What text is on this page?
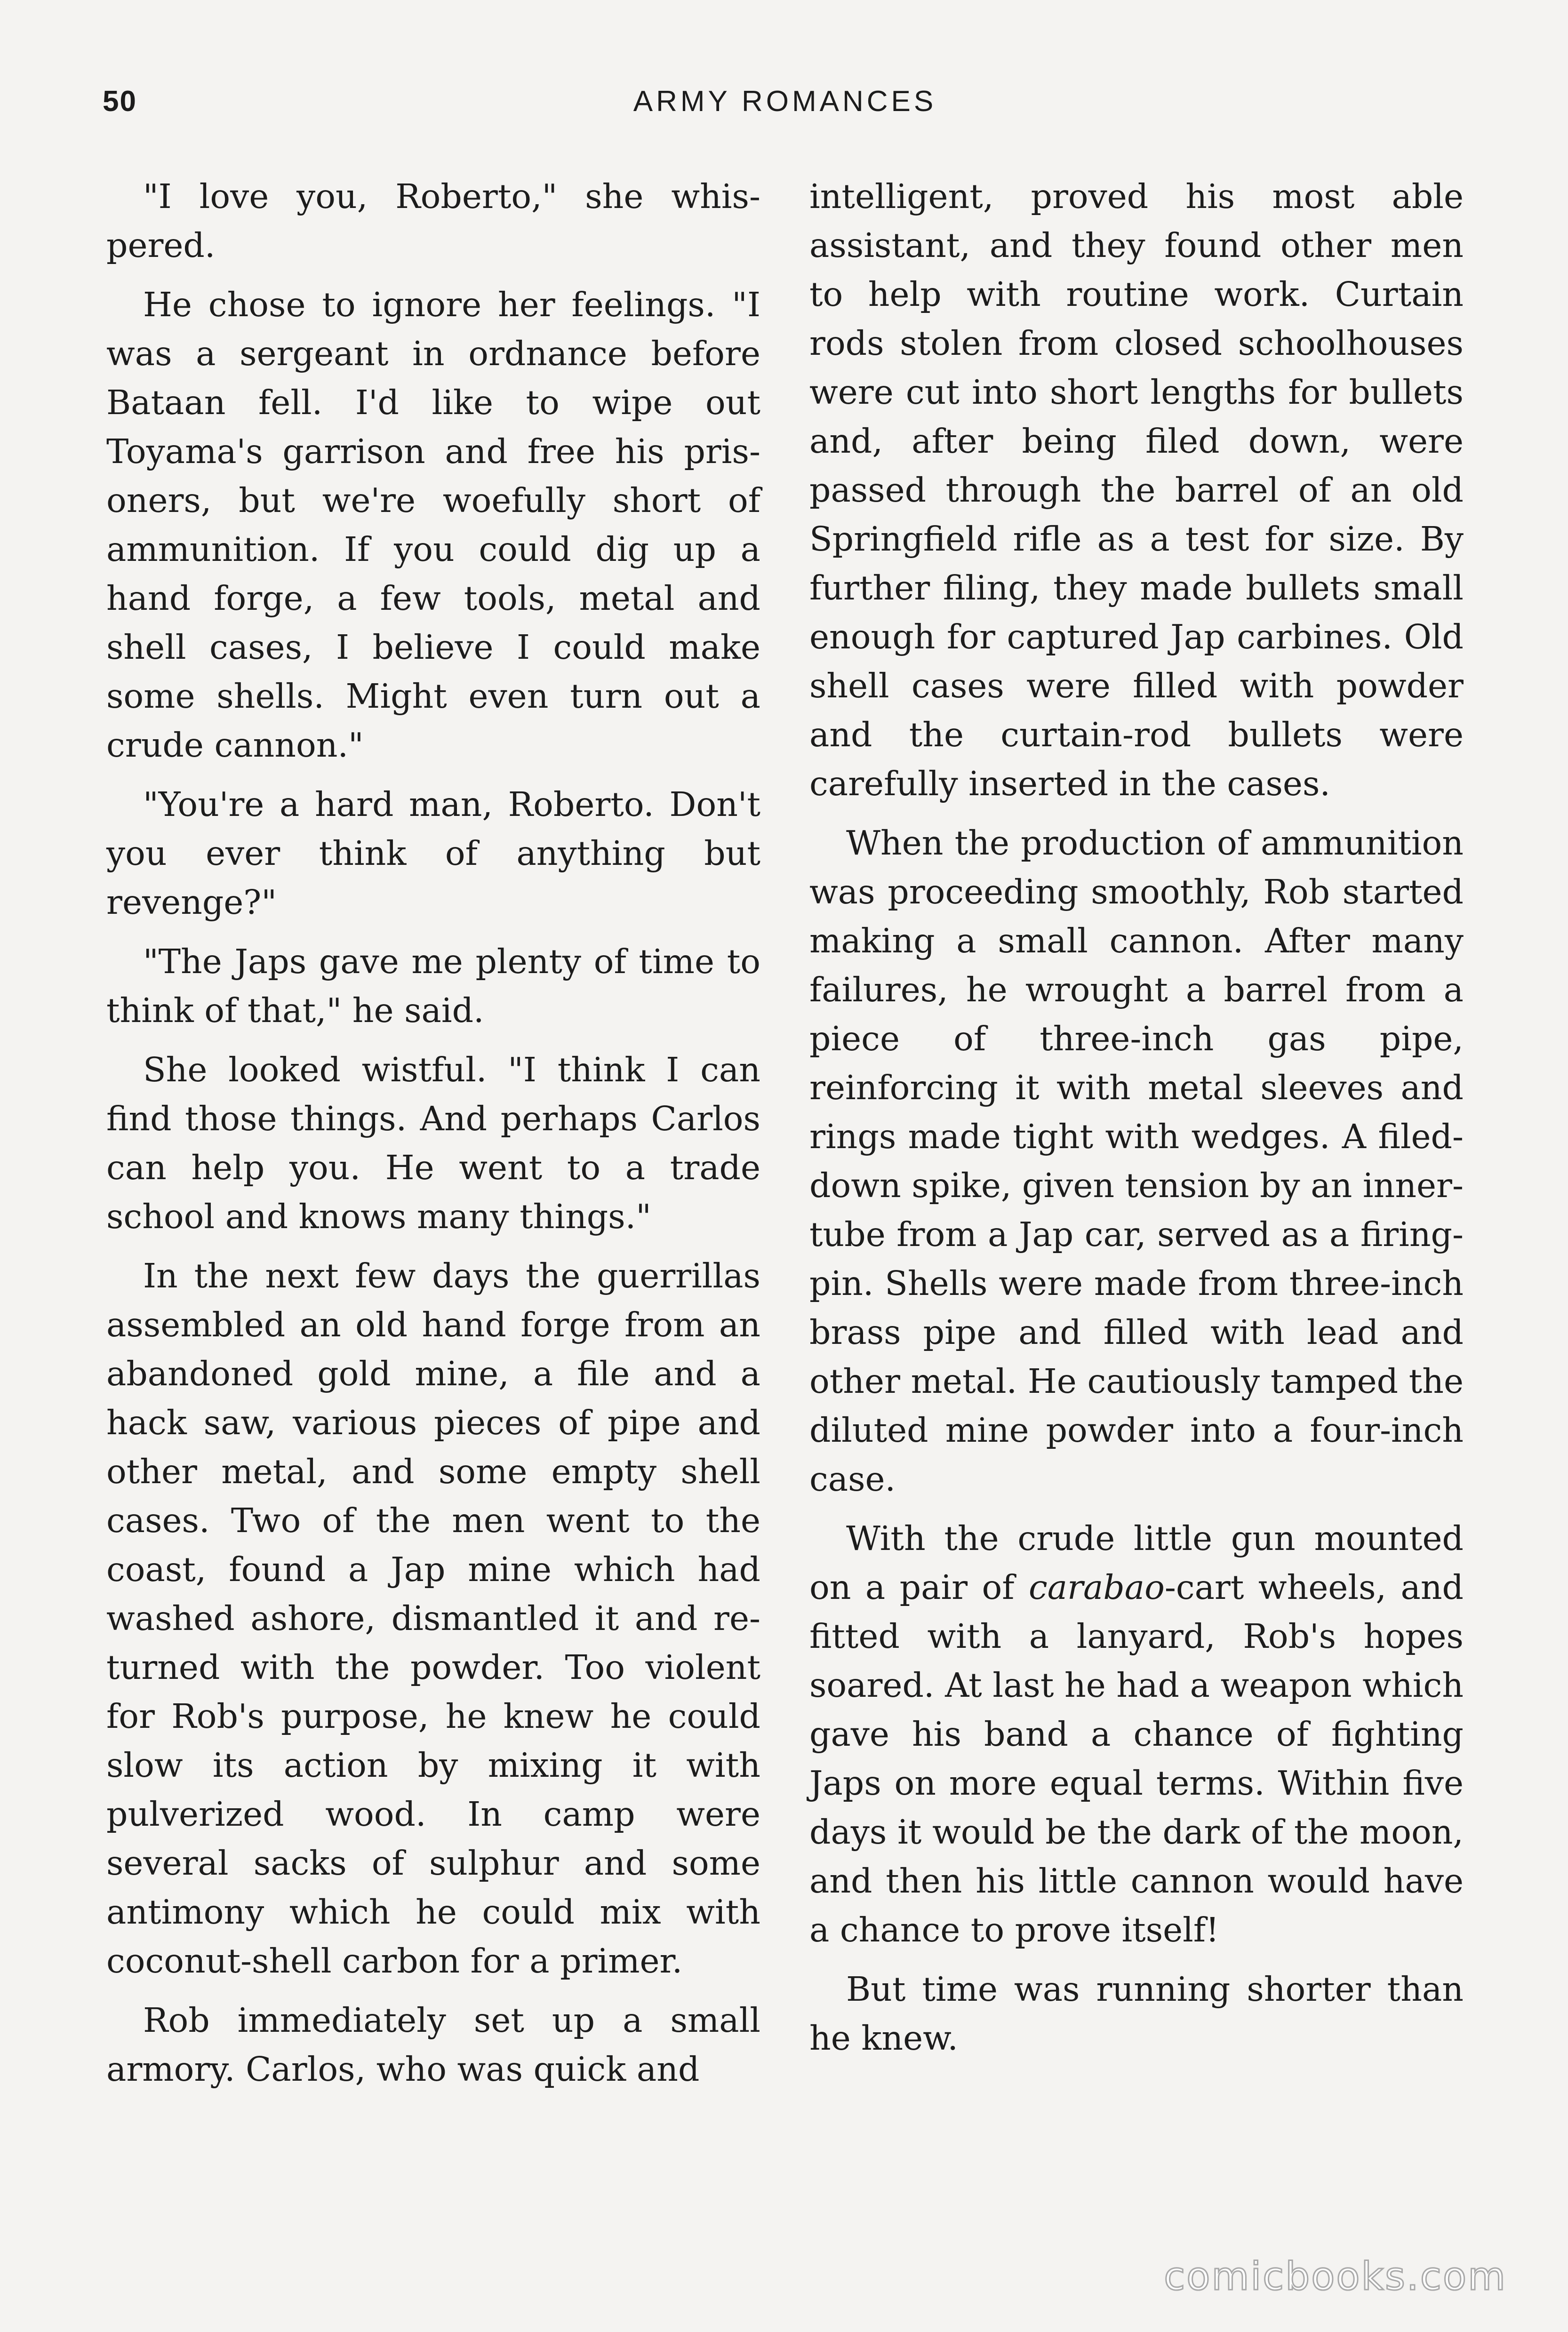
50	ARMY ROMANCES

"I love you, Roberto," she whispered.

He chose to ignore her feelings. "I was a sergeant in ordnance before Bataan fell. I'd like to wipe out Toyama's garrison and free his prisoners, but we're woefully short of ammunition. If you could dig up a hand forge, a few tools, metal and shell cases, I believe I could make some shells. Might even turn out a crude cannon."

"You're a hard man, Roberto. Don't you ever think of anything but revenge?"

"The Japs gave me plenty of time to think of that," he said.

She looked wistful. "I think I can find those things. And perhaps Carlos can help you. He went to a trade school and knows many things."

In the next few days the guerrillas assembled an old hand forge from an abandoned gold mine, a file and a hack saw, various pieces of pipe and other metal, and some empty shell cases. Two of the men went to the coast, found a Jap mine which had washed ashore, dismantled it and returned with the powder. Too violent for Rob's purpose, he knew he could slow its action by mixing it with pulverized wood. In camp were several sacks of sulphur and some antimony which he could mix with coconut-shell carbon for a primer.

Rob immediately set up a small armory. Carlos, who was quick and

intelligent, proved his most able assistant, and they found other men to help with routine work. Curtain rods stolen from closed schoolhouses were cut into short lengths for bullets and, after being filed down, were passed through the barrel of an old Springfield rifle as a test for size. By further filing, they made bullets small enough for captured Jap carbines. Old shell cases were filled with powder and the curtain-rod bullets were carefully inserted in the cases.

When the production of ammunition was proceeding smoothly, Rob started making a small cannon. After many failures, he wrought a barrel from a piece of three-inch gas pipe, reinforcing it with metal sleeves and rings made tight with wedges. A filed-down spike, given tension by an inner-tube from a Jap car, served as a firing-pin. Shells were made from three-inch brass pipe and filled with lead and other metal. He cautiously tamped the diluted mine powder into a four-inch case.

With the crude little gun mounted on a pair of carabao-cart wheels, and fitted with a lanyard, Rob's hopes soared. At last he had a weapon which gave his band a chance of fighting Japs on more equal terms. Within five days it would be the dark of the moon, and then his little cannon would have a chance to prove itself!

But time was running shorter than he knew.

comicbooks.com
